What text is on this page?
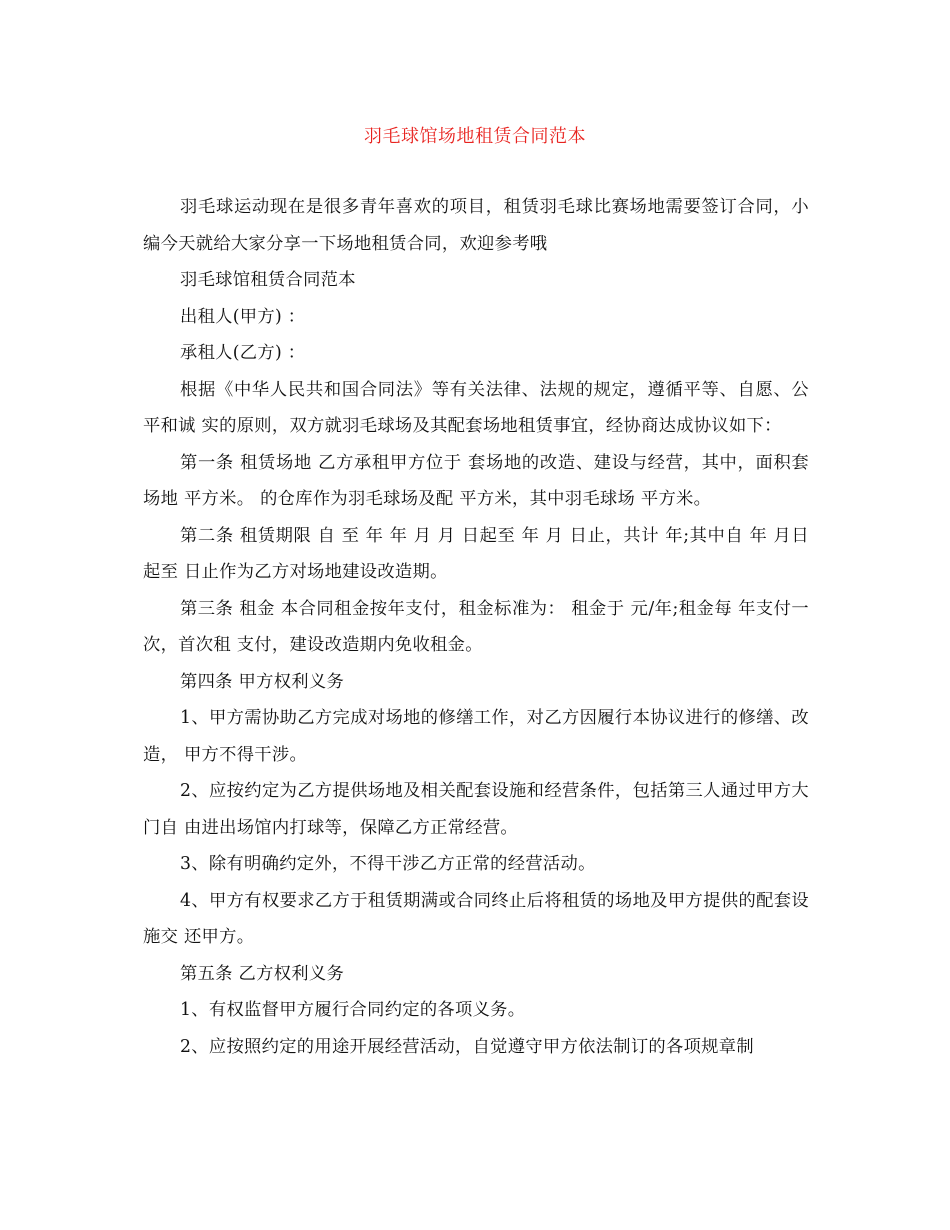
羽毛球馆场地租赁合同范本

羽毛球运动现在是很多青年喜欢的项目，租赁羽毛球比赛场地需要签订合同，小编今天就给大家分享一下场地租赁合同，欢迎参考哦

羽毛球馆租赁合同范本

出租人(甲方) ：

承租人(乙方) ：

根据《中华人民共和国合同法》等有关法律、法规的规定，遵循平等、自愿、公平和诚 实的原则，双方就羽毛球场及其配套场地租赁事宜，经协商达成协议如下：

第一条 租赁场地 乙方承租甲方位于 套场地的改造、建设与经营，其中，面积套场地 平方米。 的仓库作为羽毛球场及配 平方米，其中羽毛球场 平方米。

第二条 租赁期限 自 至 年 年 月 月 日起至 年 月 日止，共计 年;其中自 年 月日起至 日止作为乙方对场地建设改造期。

第三条 租金 本合同租金按年支付，租金标准为： 租金于 元/年;租金每 年支付一次，首次租 支付，建设改造期内免收租金。

第四条 甲方权利义务

1、甲方需协助乙方完成对场地的修缮工作，对乙方因履行本协议进行的修缮、改造， 甲方不得干涉。

2、应按约定为乙方提供场地及相关配套设施和经营条件，包括第三人通过甲方大门自 由进出场馆内打球等，保障乙方正常经营。

3、除有明确约定外，不得干涉乙方正常的经营活动。

4、甲方有权要求乙方于租赁期满或合同终止后将租赁的场地及甲方提供的配套设施交 还甲方。

第五条 乙方权利义务

1、有权监督甲方履行合同约定的各项义务。

2、应按照约定的用途开展经营活动，自觉遵守甲方依法制订的各项规章制
